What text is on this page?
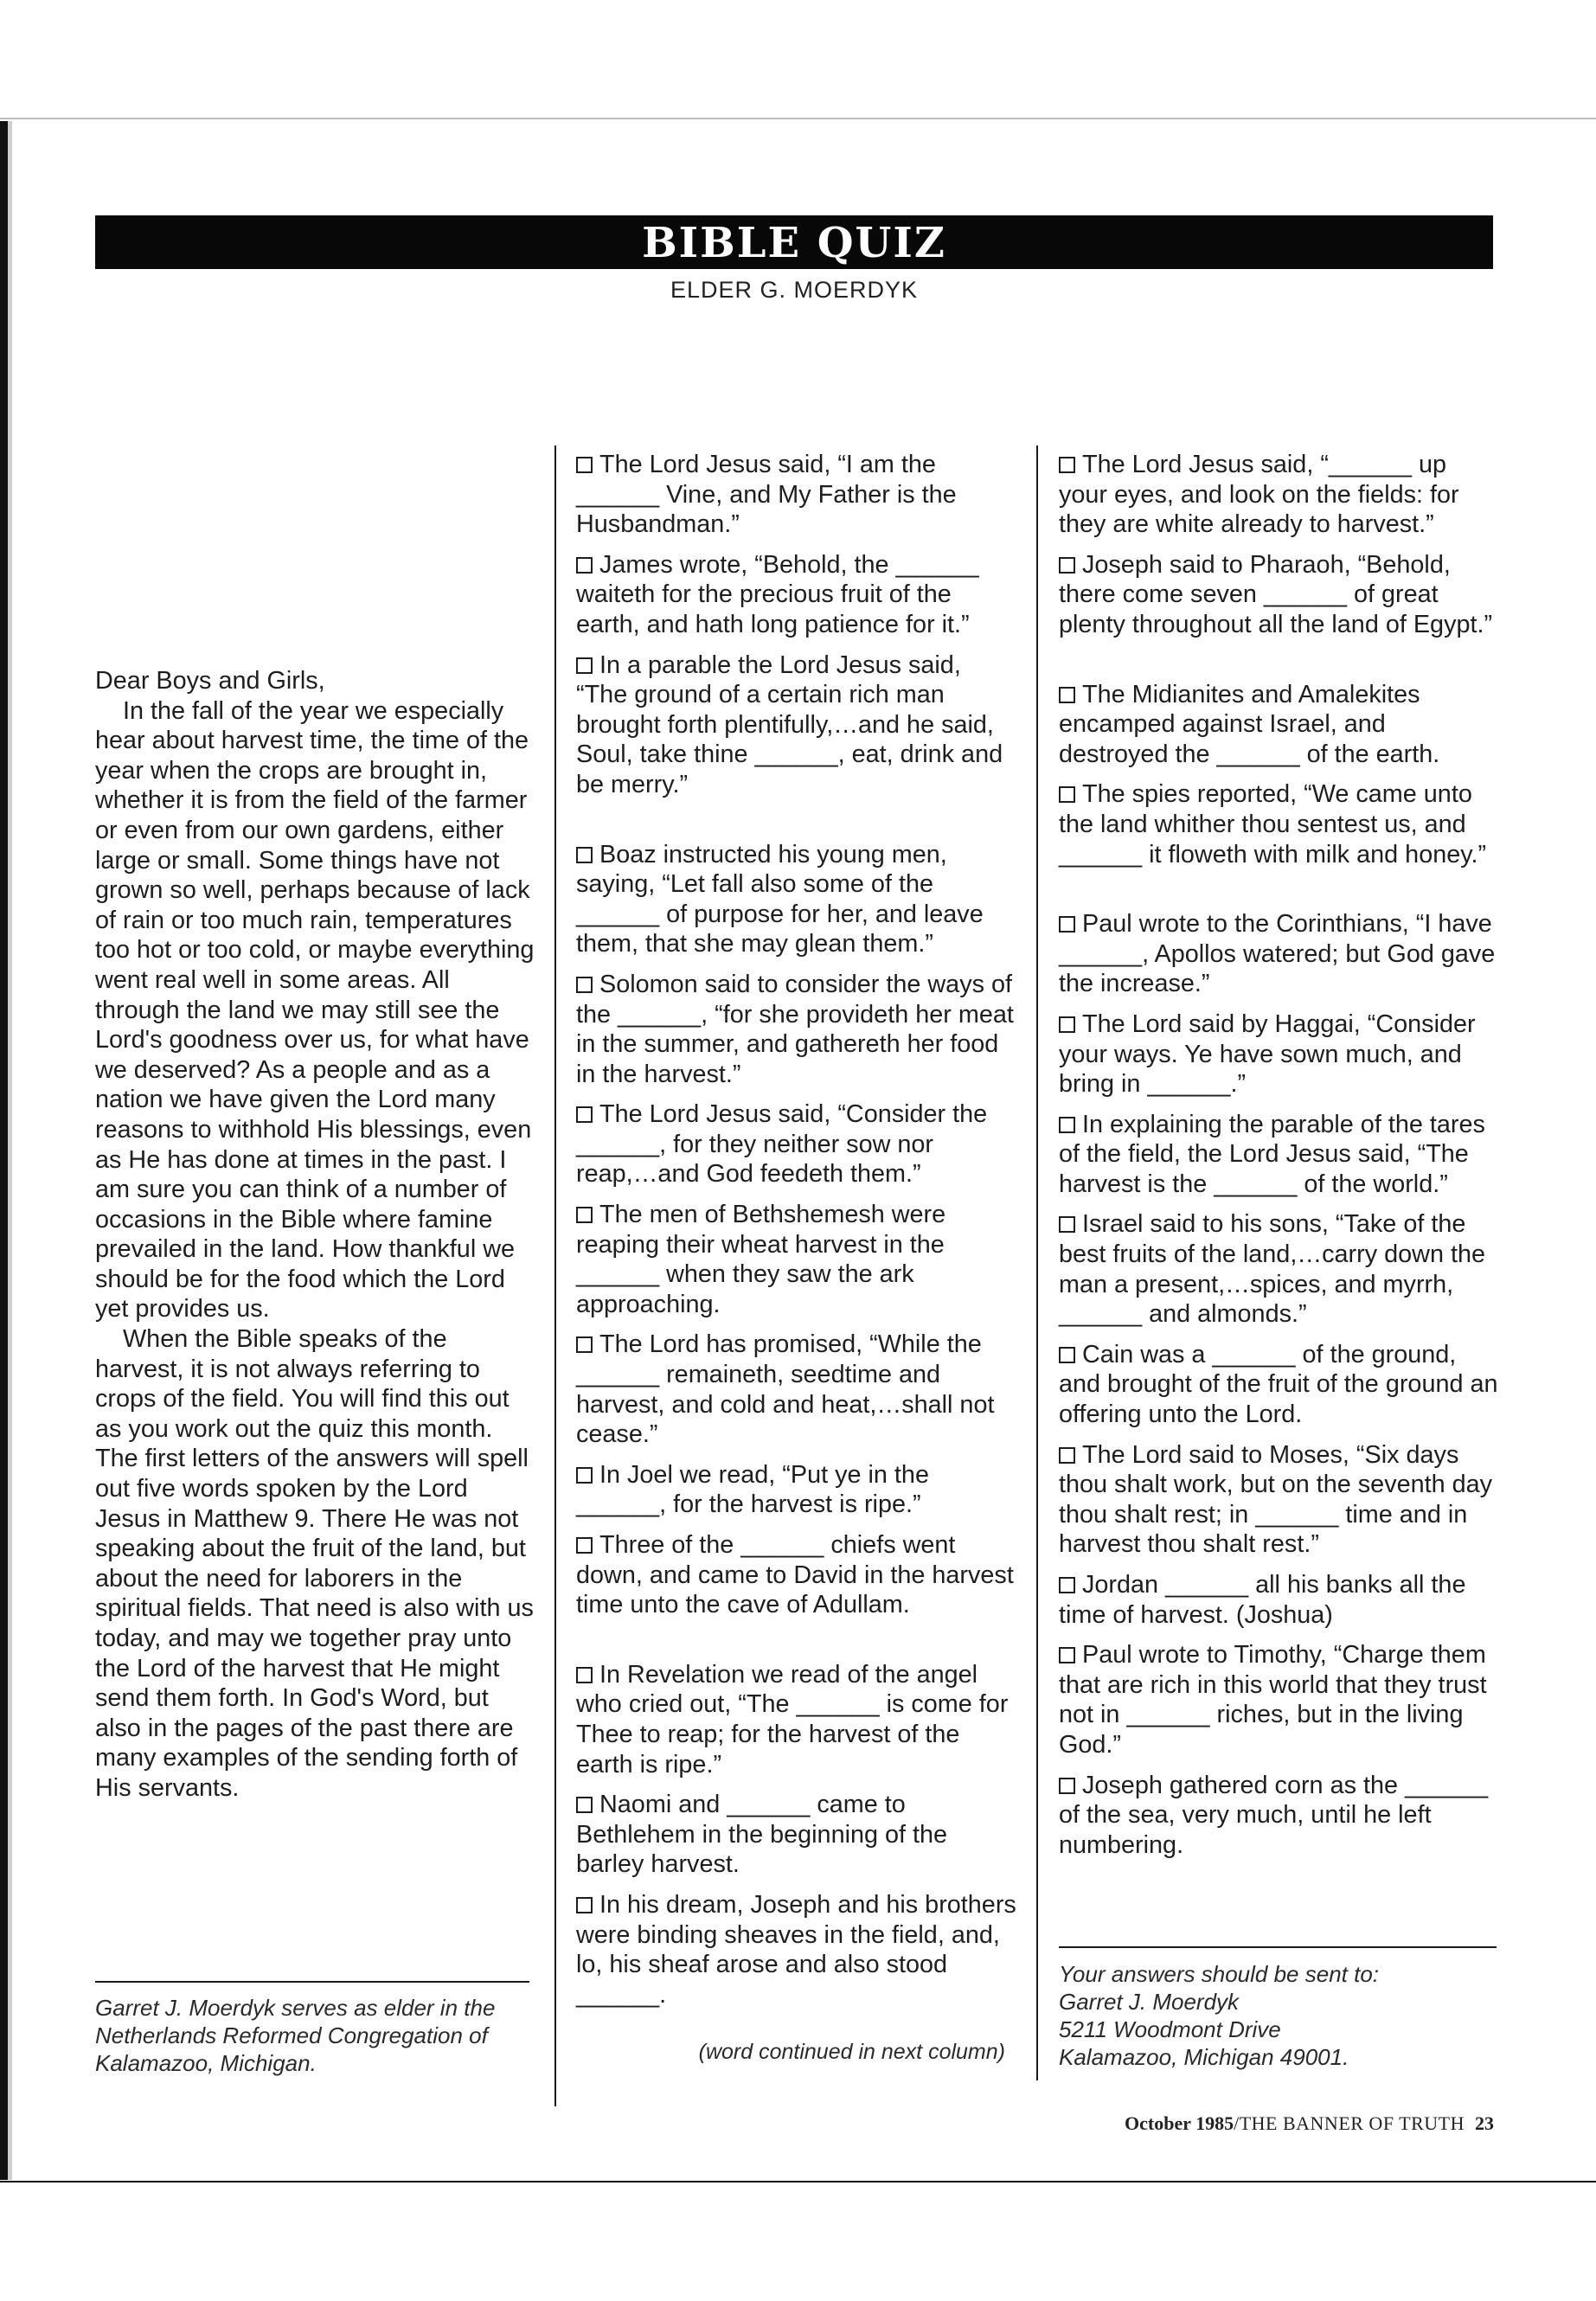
BIBLE QUIZ
ELDER G. MOERDYK

Dear Boys and Girls,

In the fall of the year we especially hear about harvest time, the time of the year when the crops are brought in, whether it is from the field of the farmer or even from our own gardens, either large or small. Some things have not grown so well, perhaps because of lack of rain or too much rain, temperatures too hot or too cold, or maybe everything went real well in some areas. All through the land we may still see the Lord's goodness over us, for what have we deserved? As a people and as a nation we have given the Lord many reasons to withhold His blessings, even as He has done at times in the past. I am sure you can think of a number of occasions in the Bible where famine prevailed in the land. How thankful we should be for the food which the Lord yet provides us.

When the Bible speaks of the harvest, it is not always referring to crops of the field. You will find this out as you work out the quiz this month. The first letters of the answers will spell out five words spoken by the Lord Jesus in Matthew 9. There He was not speaking about the fruit of the land, but about the need for laborers in the spiritual fields. That need is also with us today, and may we together pray unto the Lord of the harvest that He might send them forth. In God's Word, but also in the pages of the past there are many examples of the sending forth of His servants.

Garret J. Moerdyk serves as elder in the Netherlands Reformed Congregation of Kalamazoo, Michigan.

The Lord Jesus said, “I am the ______ Vine, and My Father is the Husbandman.”

James wrote, “Behold, the ______ waiteth for the precious fruit of the earth, and hath long patience for it.”

In a parable the Lord Jesus said, “The ground of a certain rich man brought forth plentifully,…and he said, Soul, take thine ______, eat, drink and be merry.”

Boaz instructed his young men, saying, “Let fall also some of the ______ of purpose for her, and leave them, that she may glean them.”

Solomon said to consider the ways of the ______, “for she provideth her meat in the summer, and gathereth her food in the harvest.”

The Lord Jesus said, “Consider the ______, for they neither sow nor reap,…and God feedeth them.”

The men of Bethshemesh were reaping their wheat harvest in the ______ when they saw the ark approaching.

The Lord has promised, “While the ______ remaineth, seedtime and harvest, and cold and heat,…shall not cease.”

In Joel we read, “Put ye in the ______, for the harvest is ripe.”

Three of the ______ chiefs went down, and came to David in the harvest time unto the cave of Adullam.

In Revelation we read of the angel who cried out, “The ______ is come for Thee to reap; for the harvest of the earth is ripe.”

Naomi and ______ came to Bethlehem in the beginning of the barley harvest.

In his dream, Joseph and his brothers were binding sheaves in the field, and, lo, his sheaf arose and also stood ______.

(word continued in next column)

The Lord Jesus said, “______ up your eyes, and look on the fields: for they are white already to harvest.”

Joseph said to Pharaoh, “Behold, there come seven ______ of great plenty throughout all the land of Egypt.”

The Midianites and Amalekites encamped against Israel, and destroyed the ______ of the earth.

The spies reported, “We came unto the land whither thou sentest us, and ______ it floweth with milk and honey.”

Paul wrote to the Corinthians, “I have ______, Apollos watered; but God gave the increase.”

The Lord said by Haggai, “Consider your ways. Ye have sown much, and bring in ______.”

In explaining the parable of the tares of the field, the Lord Jesus said, “The harvest is the ______ of the world.”

Israel said to his sons, “Take of the best fruits of the land,…carry down the man a present,…spices, and myrrh, ______ and almonds.”

Cain was a ______ of the ground, and brought of the fruit of the ground an offering unto the Lord.

The Lord said to Moses, “Six days thou shalt work, but on the seventh day thou shalt rest; in ______ time and in harvest thou shalt rest.”

Jordan ______ all his banks all the time of harvest. (Joshua)

Paul wrote to Timothy, “Charge them that are rich in this world that they trust not in ______ riches, but in the living God.”

Joseph gathered corn as the ______ of the sea, very much, until he left numbering.

Your answers should be sent to:
Garret J. Moerdyk
5211 Woodmont Drive
Kalamazoo, Michigan 49001.
October 1985/THE BANNER OF TRUTH 23
